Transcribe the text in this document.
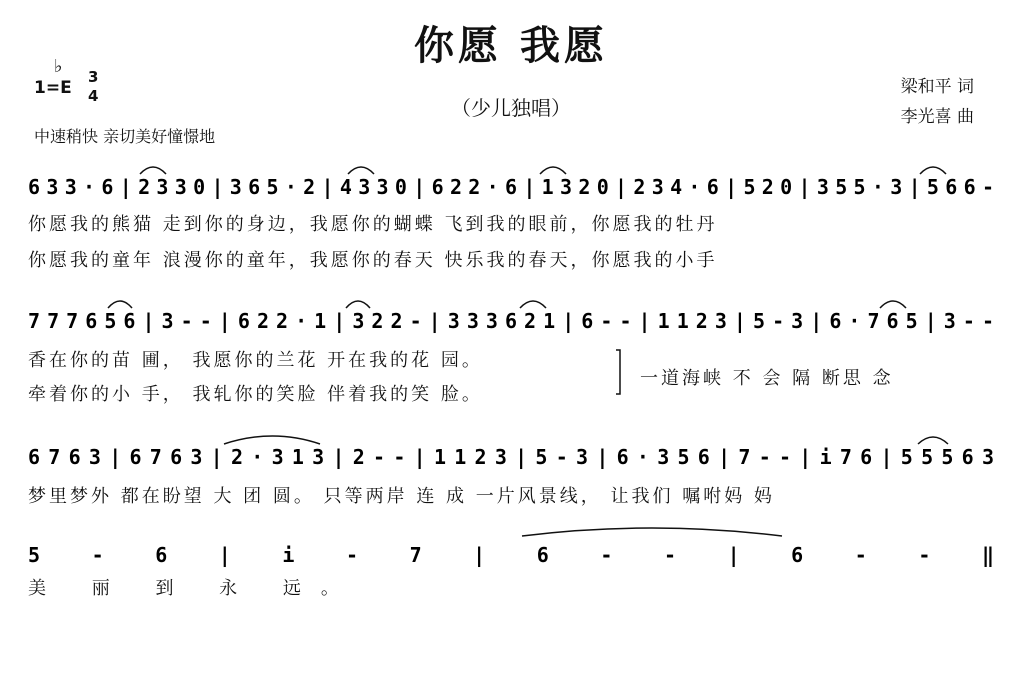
你愿 我愿
（少儿独唱）
梁和平 词
李光喜 曲
♭
1=E
3
4
中速稍快 亲切美好憧憬地
6 3 3 · 6 | 2 3 3 0 | 3 6 5 · 2 | 4 3 3 0 | 6 2 2 · 6 | 1 3 2 0 | 2 3 4 · 6 | 5 2 0 | 3 5 5 · 3 | 5 6 6 -
你愿我的熊猫 走到你的身边，我愿你的蝴蝶 飞到我的眼前，你愿我的牡丹
你愿我的童年 浪漫你的童年，我愿你的春天 快乐我的春天，你愿我的小手
7 7 7 6 5 6 | 3 - - | 6 2 2 · 1 | 3 2 2 - | 3 3 3 6 2 1 | 6 - - | 1 1 2 3 | 5 - 3 | 6 · 7 6 5 | 3 - -
香在你的苗 圃， 我愿你的兰花 开在我的花 园。
牵着你的小 手， 我轧你的笑脸 伴着我的笑 脸。
一道海峡 不 会 隔 断思 念
6 7 6 3 | 6 7 6 3 | 2 · 3 1 3 | 2 - - | 1 1 2 3 | 5 - 3 | 6 · 3 5 6 | 7 - - | i 7 6 | 5 5 5 6 3
梦里梦外 都在盼望 大 团 圆。 只等两岸 连 成 一片风景线， 让我们 嘱咐妈 妈
5 - 6 | i - 7 | 6 - - | 6 - - ‖
美 丽 到 永 远。
